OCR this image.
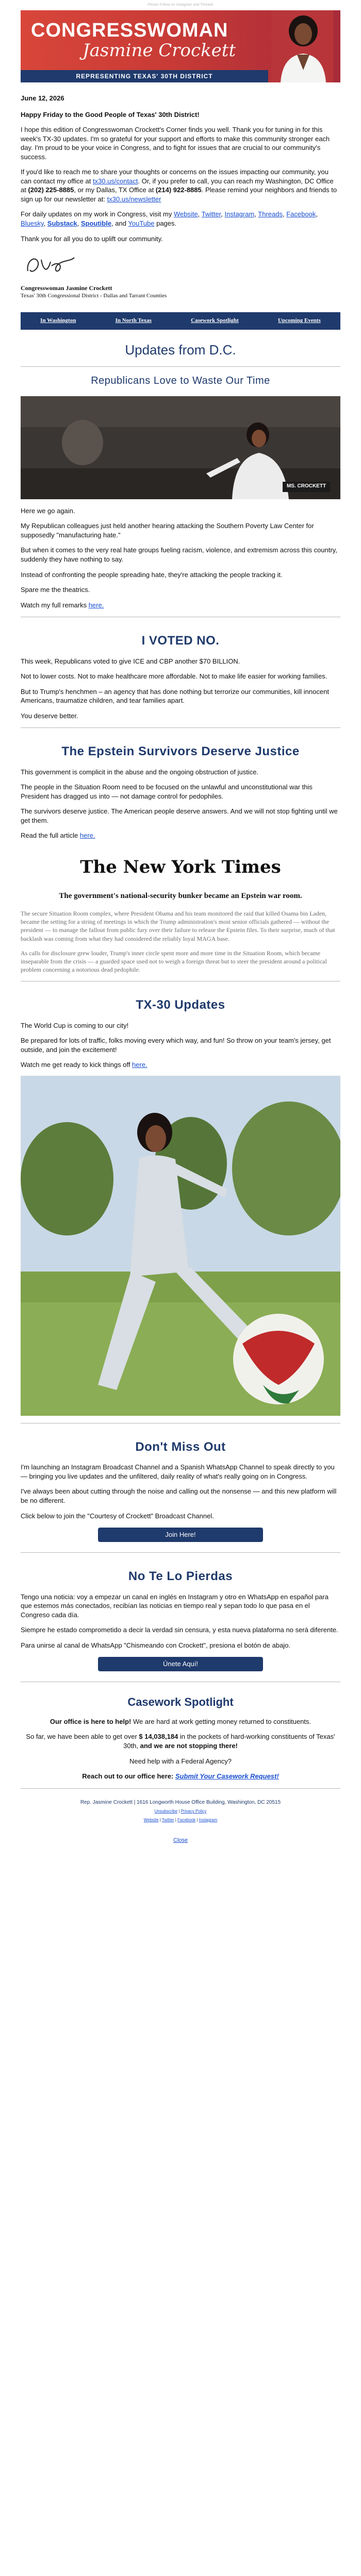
Please Follow on Instagram and Threads
CONGRESSWOMAN
Jasmine Crockett
REPRESENTING TEXAS' 30TH DISTRICT
June 12, 2026

Happy Friday to the Good People of Texas' 30th District!

I hope this edition of Congresswoman Crockett's Corner finds you well. Thank you for tuning in for this week's TX-30 updates. I'm so grateful for your support and efforts to make this community stronger each day. I'm proud to be your voice in Congress, and to fight for issues that are crucial to our community's success.

If you'd like to reach me to share your thoughts or concerns on the issues impacting our community, you can contact my office at tx30.us/contact. Or, if you prefer to call, you can reach my Washington, DC Office at (202) 225-8885, or my Dallas, TX Office at (214) 922-8885. Please remind your neighbors and friends to sign up for our newsletter at: tx30.us/newsletter

For daily updates on my work in Congress, visit my Website, Twitter, Instagram, Threads, Facebook, Bluesky, Substack, Spoutible, and YouTube pages.

Thank you for all you do to uplift our community.

Congresswoman Jasmine Crockett
Texas' 30th Congressional District - Dallas and Tarrant Counties
In Washington	In North Texas	Casework Spotlight	Upcoming Events
Updates from D.C.
Republicans Love to Waste Our Time
MS. CROCKETT

Here we go again.

My Republican colleagues just held another hearing attacking the Southern Poverty Law Center for supposedly "manufacturing hate."

But when it comes to the very real hate groups fueling racism, violence, and extremism across this country, suddenly they have nothing to say.

Instead of confronting the people spreading hate, they're attacking the people tracking it.

Spare me the theatrics.

Watch my full remarks here.

I VOTED NO.

This week, Republicans voted to give ICE and CBP another $70 BILLION.

Not to lower costs. Not to make healthcare more affordable. Not to make life easier for working families.

But to Trump's henchmen – an agency that has done nothing but terrorize our communities, kill innocent Americans, traumatize children, and tear families apart.

You deserve better.

The Epstein Survivors Deserve Justice

This government is complicit in the abuse and the ongoing obstruction of justice.

The people in the Situation Room need to be focused on the unlawful and unconstitutional war this President has dragged us into — not damage control for pedophiles.

The survivors deserve justice. The American people deserve answers. And we will not stop fighting until we get them.

Read the full article here.

The New York Times
The government's national-security bunker became an Epstein war room.

The secure Situation Room complex, where President Obama and his team monitored the raid that killed Osama bin Laden, became the setting for a string of meetings in which the Trump administration's most senior officials gathered — without the president — to manage the fallout from public fury over their failure to release the Epstein files. To their surprise, much of that backlash was coming from what they had considered the reliably loyal MAGA base.

As calls for disclosure grew louder, Trump's inner circle spent more and more time in the Situation Room, which became inseparable from the crisis — a guarded space used not to weigh a foreign threat but to steer the president around a political problem concerning a notorious dead pedophile.

TX-30 Updates

The World Cup is coming to our city!

Be prepared for lots of traffic, folks moving every which way, and fun! So throw on your team's jersey, get outside, and join the excitement!

Watch me get ready to kick things off here.

Don't Miss Out

I'm launching an Instagram Broadcast Channel and a Spanish WhatsApp Channel to speak directly to you — bringing you live updates and the unfiltered, daily reality of what's really going on in Congress.

I've always been about cutting through the noise and calling out the nonsense — and this new platform will be no different.

Click below to join the "Courtesy of Crockett" Broadcast Channel.

Join Here!
No Te Lo Pierdas

Tengo una noticia: voy a empezar un canal en inglés en Instagram y otro en WhatsApp en español para que estemos más conectados, recibían las noticias en tiempo real y sepan todo lo que pasa en el Congreso cada día.

Siempre he estado comprometido a decir la verdad sin censura, y esta nueva plataforma no será diferente.

Para unirse al canal de WhatsApp "Chismeando con Crockett", presiona el botón de abajo.

Únete Aquí!
Casework Spotlight

Our office is here to help! We are hard at work getting money returned to constituents.

So far, we have been able to get over $ 14,038,184 in the pockets of hard-working constituents of Texas' 30th, and we are not stopping there!

Need help with a Federal Agency?

Reach out to our office here: Submit Your Casework Request!

Rep. Jasmine Crockett | 1616 Longworth House Office Building, Washington, DC 20515
Unsubscribe | Privacy Policy
Website | Twitter | Facebook | Instagram
Close
